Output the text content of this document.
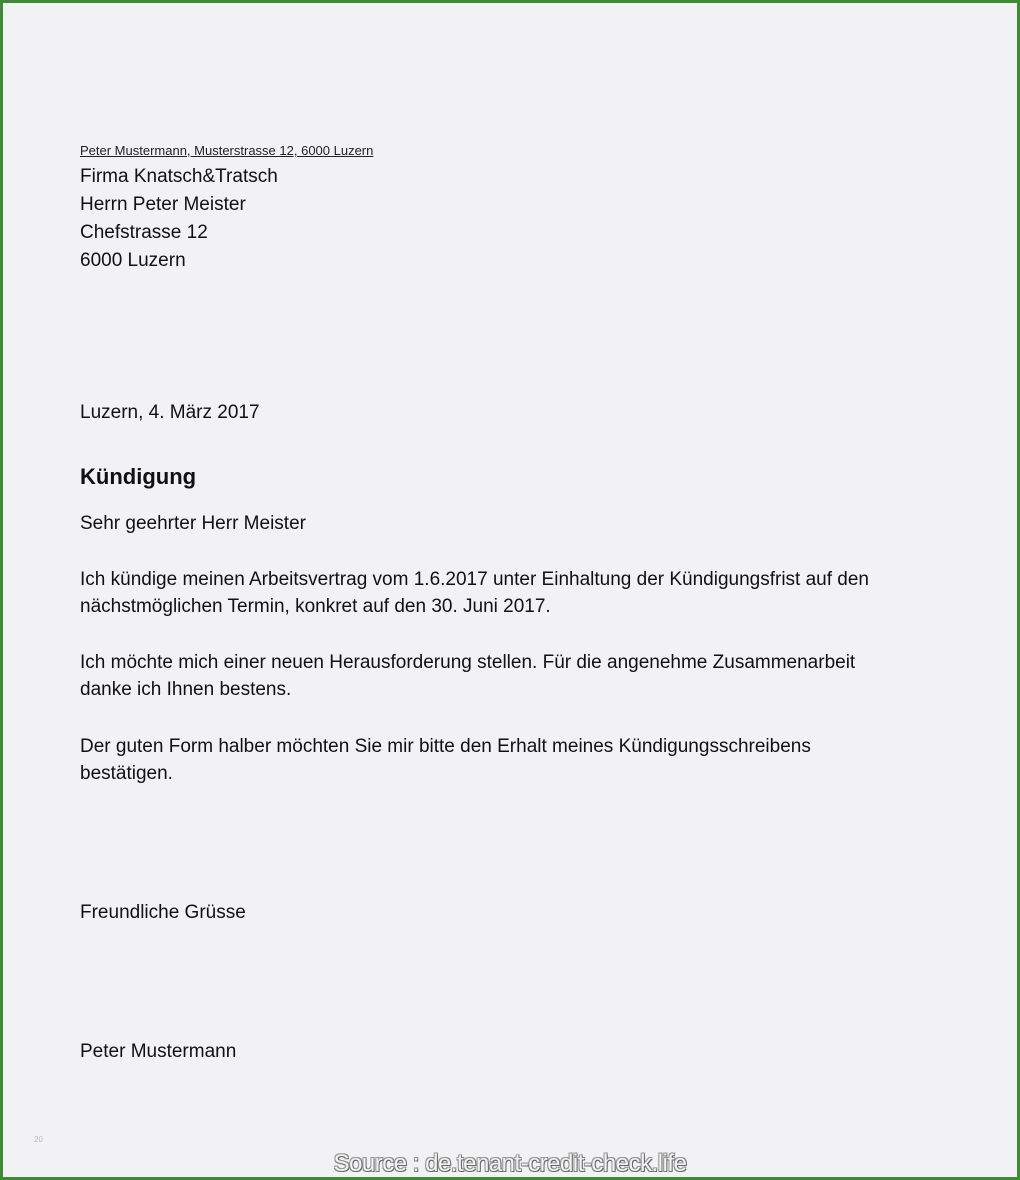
Peter Mustermann, Musterstrasse 12, 6000 Luzern
Firma Knatsch&Tratsch
Herrn Peter Meister
Chefstrasse 12
6000 Luzern
Luzern, 4. März 2017
Kündigung
Sehr geehrter Herr Meister
Ich kündige meinen Arbeitsvertrag vom 1.6.2017 unter Einhaltung der Kündigungsfrist auf den
nächstmöglichen Termin, konkret auf den 30. Juni 2017.
Ich möchte mich einer neuen Herausforderung stellen. Für die angenehme Zusammenarbeit
danke ich Ihnen bestens.
Der guten Form halber möchten Sie mir bitte den Erhalt meines Kündigungsschreibens
bestätigen.
Freundliche Grüsse
Peter Mustermann
20
Source : de.tenant-credit-check.life
